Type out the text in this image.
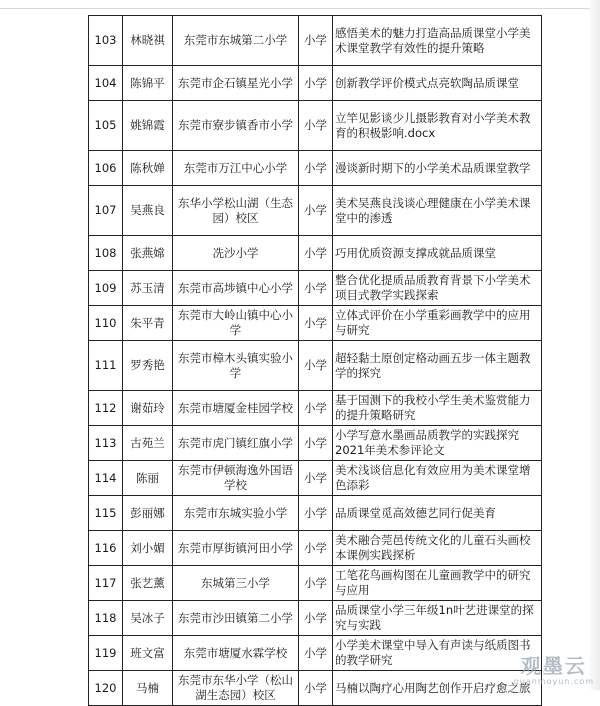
103	林晓祺	东莞市东城第二小学	小学	感悟美术的魅力打造高品质课堂小学美术课堂教学有效性的提升策略
104	陈锦平	东莞市企石镇星光小学	小学	创新教学评价模式点亮软陶品质课堂
105	姚锦霞	东莞市寮步镇香市小学	小学	立竿见影谈少儿摄影教育对小学美术教育的积极影响.docx
106	陈秋婵	东莞市万江中心小学	小学	漫谈新时期下的小学美术品质课堂教学
107	吴燕良	东华小学松山湖（生态园）校区	小学	美术吴燕良浅谈心理健康在小学美术课堂中的渗透
108	张燕嫦	冼沙小学	小学	巧用优质资源支撑成就品质课堂
109	苏玉清	东莞市高埗镇中心小学	小学	整合优化提质品质教育背景下小学美术项目式教学实践探索
110	朱平青	东莞市大岭山镇中心小学	小学	立体式评价在小学重彩画教学中的应用与研究
111	罗秀艳	东莞市樟木头镇实验小学	小学	超轻黏土原创定格动画五步一体主题教学的探究
112	谢茹玲	东莞市塘厦金桂园学校	小学	基于国测下的我校小学生美术鉴赏能力的提升策略研究
113	古苑兰	东莞市虎门镇红旗小学	小学	小学写意水墨画品质教学的实践探究2021年美术参评论文
114	陈丽	东莞市伊顿海逸外国语学校	小学	美术浅谈信息化有效应用为美术课堂增色添彩
115	彭丽娜	东莞市东城实验小学	小学	品质课堂觅高效德艺同行促美育
116	刘小媚	东莞市厚街镇河田小学	小学	美术融合莞邑传统文化的儿童石头画校本课例实践探析
117	张艺薰	东城第三小学	小学	工笔花鸟画构图在儿童画教学中的研究与应用
118	吴冰子	东莞市沙田镇第二小学	小学	品质课堂小学三年级1n叶艺进课堂的探究与实践
119	班文富	东莞市塘厦水霖学校	小学	小学美术课堂中导入有声读与纸质图书的教学研究
120	马楠	东莞市东华小学（松山湖生态园）校区	小学	马楠以陶疗心用陶艺创作开启疗愈之旅
观墨云
guanmoyun.com
